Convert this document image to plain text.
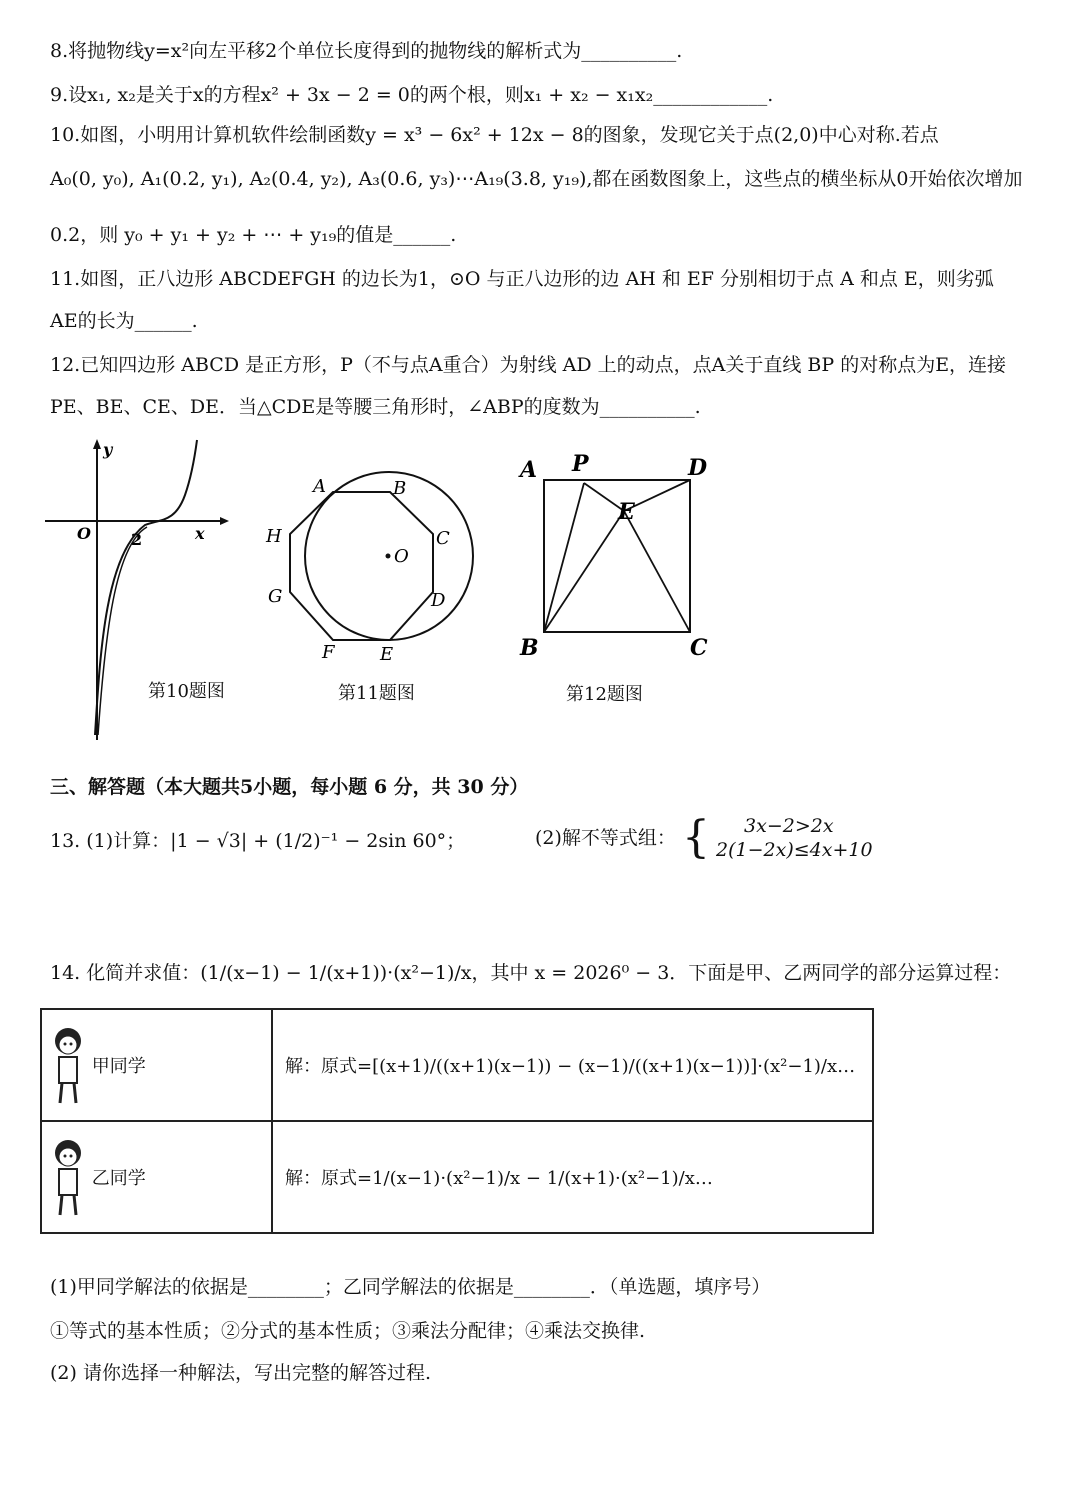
8.将抛物线y=x²向左平移2个单位长度得到的抛物线的解析式为__________.
9.设x₁, x₂是关于x的方程x² + 3x − 2 = 0的两个根，则x₁ + x₂ − x₁x₂____________.
10.如图，小明用计算机软件绘制函数y = x³ − 6x² + 12x − 8的图象，发现它关于点(2,0)中心对称.若点
A₀(0, y₀), A₁(0.2, y₁), A₂(0.4, y₂), A₃(0.6, y₃)⋯A₁₉(3.8, y₁₉),都在函数图象上，这些点的横坐标从0开始依次增加
0.2，则 y₀ + y₁ + y₂ + ⋯ + y₁₉的值是______.
11.如图，正八边形 ABCDEFGH 的边长为1，⊙O 与正八边形的边 AH 和 EF 分别相切于点 A 和点 E，则劣弧
AE的长为______.
12.已知四边形 ABCD 是正方形，P（不与点A重合）为射线 AD 上的动点，点A关于直线 BP 的对称点为E，连接
PE、BE、CE、DE．当△CDE是等腰三角形时，∠ABP的度数为__________.
y
x
O	2
第10题图
A	B
C
D
E
F
G
H
O
第11题图
A P	D
E
B	C
第12题图
三、解答题（本大题共5小题，每小题 6 分，共 30 分）
13. (1)计算：|1 − √3| + (1/2)⁻¹ − 2sin 60°；	(2)解不等式组： {	3x−2>2x
2(1−2x)≤4x+10
14. 化简并求值：(1/(x−1) − 1/(x+1))·(x²−1)/x，其中 x = 2026⁰ − 3．下面是甲、乙两同学的部分运算过程：
甲同学	解：原式=[(x+1)/((x+1)(x−1)) − (x−1)/((x+1)(x−1))]·(x²−1)/x…
乙同学	解：原式=1/(x−1)·(x²−1)/x − 1/(x+1)·(x²−1)/x…
(1)甲同学解法的依据是________；乙同学解法的依据是________．（单选题，填序号）
①等式的基本性质；②分式的基本性质；③乘法分配律；④乘法交换律.
(2) 请你选择一种解法，写出完整的解答过程.
